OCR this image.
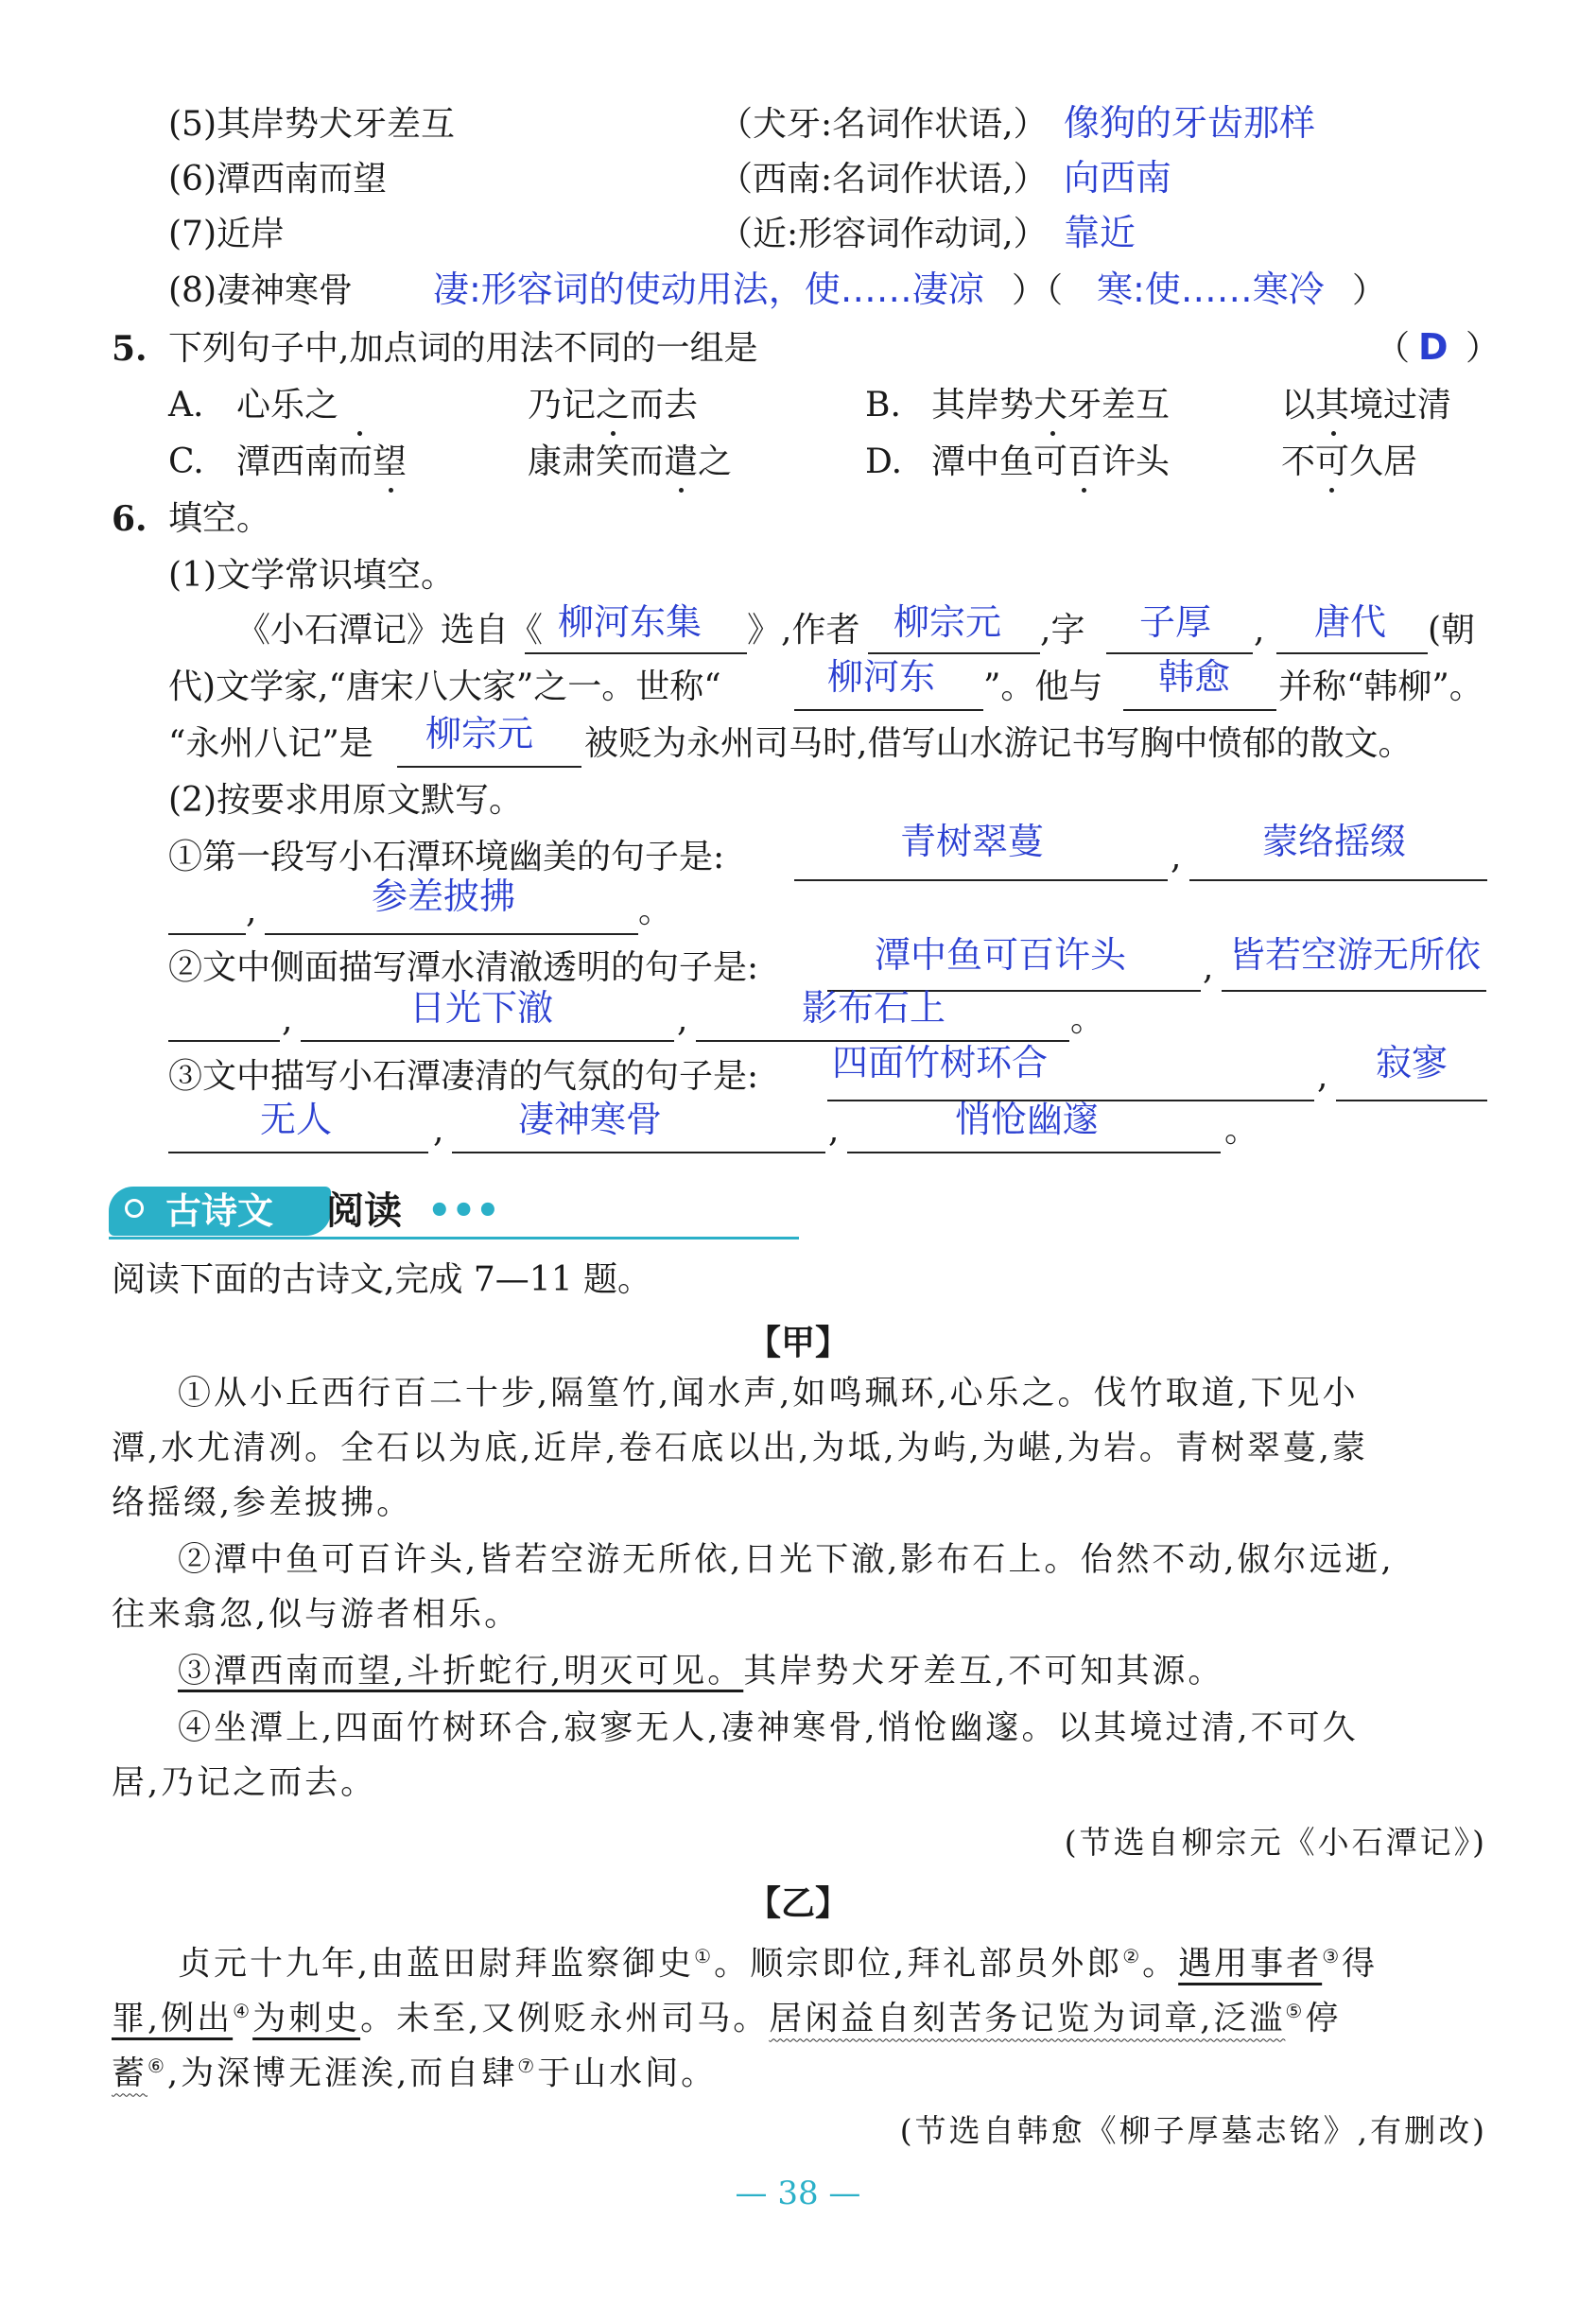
(5)其岸势犬牙差互	（犬牙:名词作状语,） 像狗的牙齿那样
(6)潭西南而望	（西南:名词作状语,） 向西南
(7)近岸	（近:形容词作动词,） 靠近
(8)凄神寒骨 凄:形容词的使动用法，使……凄凉 ）（ 寒:使……寒冷 ）
5. 下列句子中,加点词的用法不同的一组是	（ D ）
A. 心乐之	乃记之而去	B. 其岸势犬牙差互	以其境过清
C. 潭西南而望	康肃笑而遣之	D. 潭中鱼可百许头	不可久居
6. 填空。
(1)文学常识填空。
《小石潭记》选自《 柳河东集 》,作者 柳宗元 ,字 子厚 , 唐代 (朝
代)文学家,“唐宋八大家”之一。世称“	柳河东 ”。他与 韩愈 并称“韩柳”。
“永州八记”是 柳宗元 被贬为永州司马时,借写山水游记书写胸中愤郁的散文。
(2)按要求用原文默写。
①第一段写小石潭环境幽美的句子是:	青树翠蔓	, 蒙络摇缀
,	参差披拂	。
②文中侧面描写潭水清澈透明的句子是:	潭中鱼可百许头 , 皆若空游无所依
,	日光下澈	,	影布石上	。
③文中描写小石潭凄清的气氛的句子是: 四面竹树环合	, 寂寥
无人	, 凄神寒骨	,	悄怆幽邃	。
古诗文 阅读 •••
阅读下面的古诗文,完成 7—11 题。
【甲】
①从小丘西行百二十步,隔篁竹,闻水声,如鸣珮环,心乐之。伐竹取道,下见小
潭,水尤清冽。全石以为底,近岸,卷石底以出,为坻,为屿,为嵁,为岩。青树翠蔓,蒙
络摇缀,参差披拂。
②潭中鱼可百许头,皆若空游无所依,日光下澈,影布石上。佁然不动,俶尔远逝,
往来翕忽,似与游者相乐。
③潭西南而望,斗折蛇行,明灭可见。其岸势犬牙差互,不可知其源。
④坐潭上,四面竹树环合,寂寥无人,凄神寒骨,悄怆幽邃。以其境过清,不可久
居,乃记之而去。
(节选自柳宗元《小石潭记》)
【乙】
贞元十九年,由蓝田尉拜监察御史①。顺宗即位,拜礼部员外郎②。遇用事者③得
罪,例出④为刺史。未至,又例贬永州司马。居闲益自刻苦务记览为词章,泛滥⑤停
蓄⑥,为深博无涯涘,而自肆⑦于山水间。
(节选自韩愈《柳子厚墓志铭》,有删改)
— 38 —
